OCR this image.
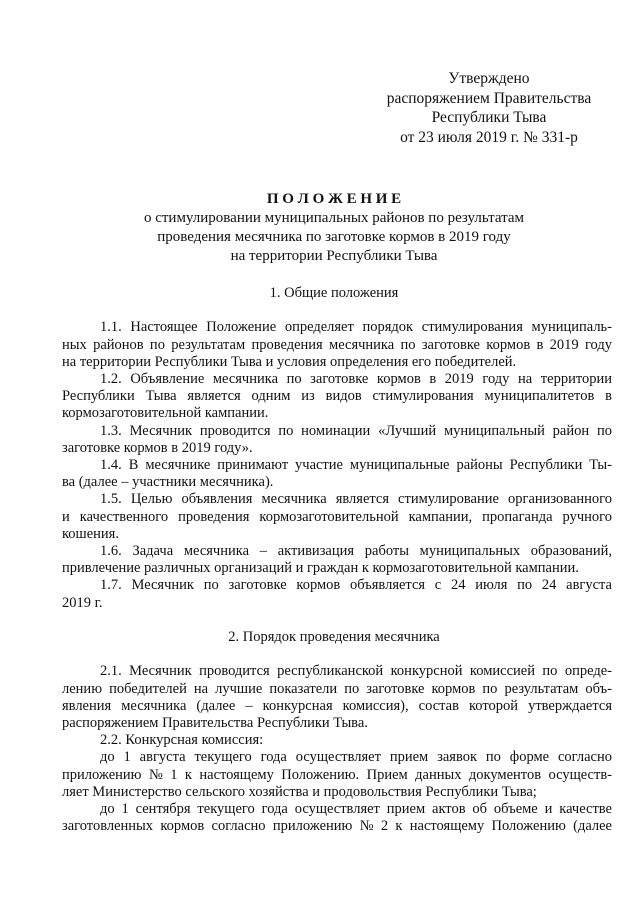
Утверждено
распоряжением Правительства
Республики Тыва
от 23 июля 2019 г. № 331-р
П О Л О Ж Е Н И Е
о стимулировании муниципальных районов по результатам
проведения месячника по заготовке кормов в 2019 году
на территории Республики Тыва
1. Общие положения
1.1. Настоящее Положение определяет порядок стимулирования муниципаль-
ных районов по результатам проведения месячника по заготовке кормов в 2019 году
на территории Республики Тыва и условия определения его победителей.
1.2. Объявление месячника по заготовке кормов в 2019 году на территории
Республики Тыва является одним из видов стимулирования муниципалитетов в
кормозаготовительной кампании.
1.3. Месячник проводится по номинации «Лучший муниципальный район по
заготовке кормов в 2019 году».
1.4. В месячнике принимают участие муниципальные районы Республики Ты-
ва (далее – участники месячника).
1.5. Целью объявления месячника является стимулирование организованного
и качественного проведения кормозаготовительной кампании, пропаганда ручного
кошения.
1.6. Задача месячника – активизация работы муниципальных образований,
привлечение различных организаций и граждан к кормозаготовительной кампании.
1.7. Месячник по заготовке кормов объявляется с 24 июля по 24 августа
2019 г.
2. Порядок проведения месячника
2.1. Месячник проводится республиканской конкурсной комиссией по опреде-
лению победителей на лучшие показатели по заготовке кормов по результатам объ-
явления месячника (далее – конкурсная комиссия), состав которой утверждается
распоряжением Правительства Республики Тыва.
2.2. Конкурсная комиссия:
до 1 августа текущего года осуществляет прием заявок по форме согласно
приложению № 1 к настоящему Положению. Прием данных документов осуществ-
ляет Министерство сельского хозяйства и продовольствия Республики Тыва;
до 1 сентября текущего года осуществляет прием актов об объеме и качестве
заготовленных кормов согласно приложению № 2 к настоящему Положению (далее
